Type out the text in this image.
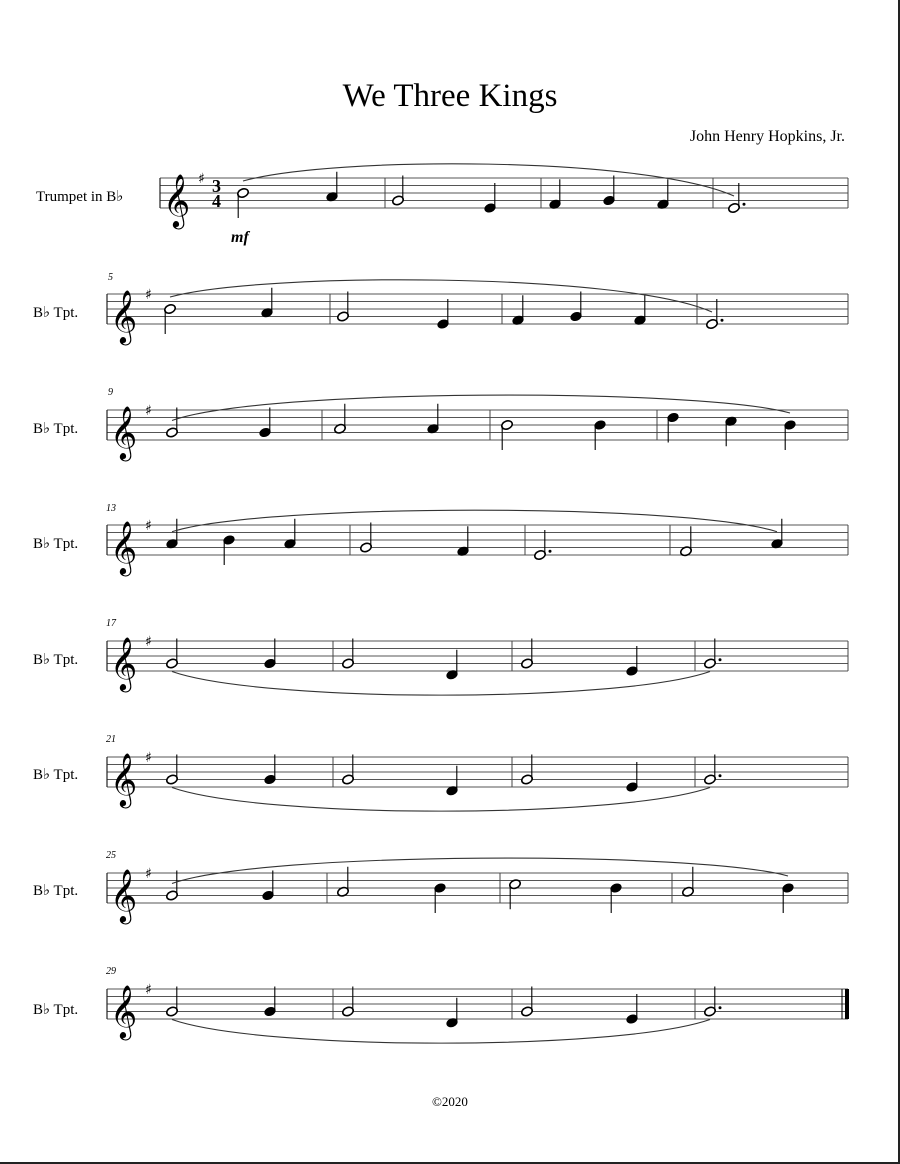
We Three Kings
John Henry Hopkins, Jr.
Trumpet in B♭
B♭ Tpt.
B♭ Tpt.
B♭ Tpt.
B♭ Tpt.
B♭ Tpt.
B♭ Tpt.
B♭ Tpt.
5
9
13
17
21
25
29
mf
𝄞 ♯ 3
4
𝄞 ♯
𝄞 ♯
𝄞 ♯
𝄞 ♯
𝄞 ♯
𝄞 ♯
𝄞 ♯
©2020
